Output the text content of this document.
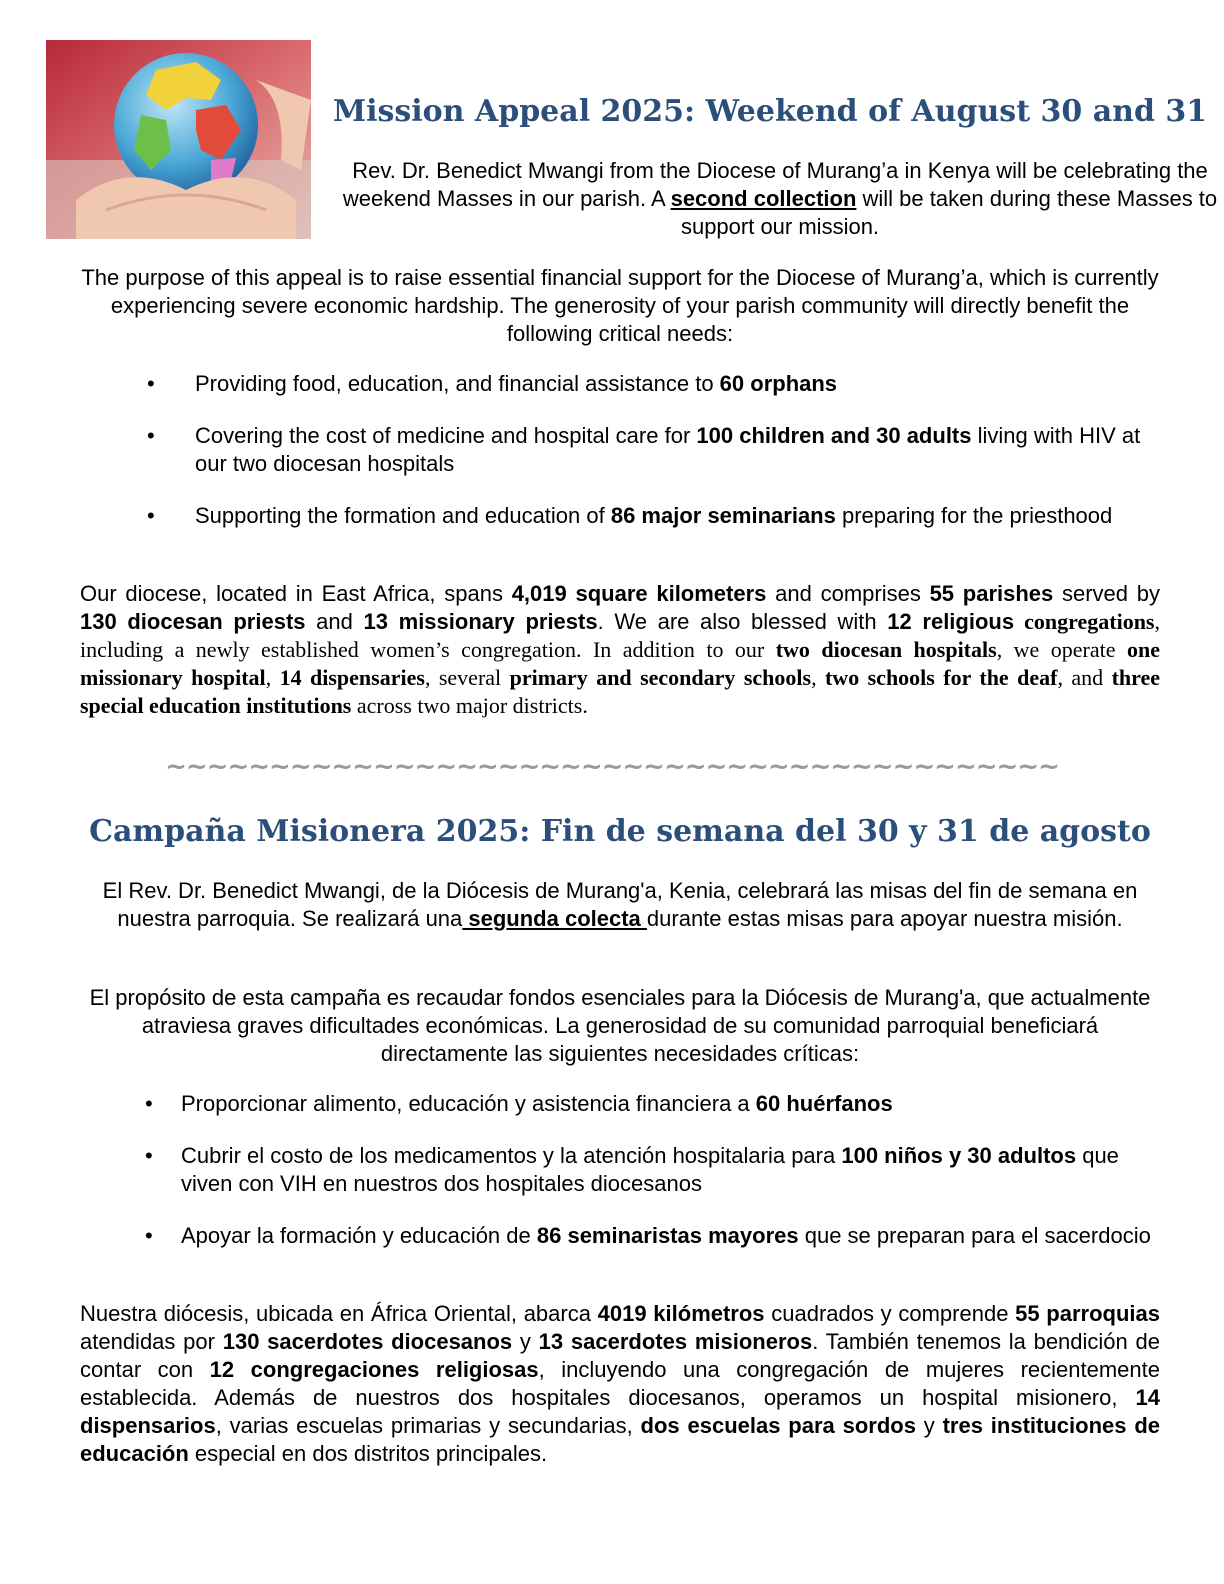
Mission Appeal 2025: Weekend of August 30 and 31

Rev. Dr. Benedict Mwangi from the Diocese of Murang’a in Kenya will be celebrating the weekend Masses in our parish. A second collection will be taken during these Masses to support our mission.

The purpose of this appeal is to raise essential financial support for the Diocese of Murang’a, which is currently experiencing severe economic hardship. The generosity of your parish community will directly benefit the following critical needs:

• Providing food, education, and financial assistance to 60 orphans
• Covering the cost of medicine and hospital care for 100 children and 30 adults living with HIV at our two diocesan hospitals
• Supporting the formation and education of 86 major seminarians preparing for the priesthood

Our diocese, located in East Africa, spans 4,019 square kilometers and comprises 55 parishes served by 130 diocesan priests and 13 missionary priests. We are also blessed with 12 religious congregations, including a newly established women’s congregation. In addition to our two diocesan hospitals, we operate one missionary hospital, 14 dispensaries, several primary and secondary schools, two schools for the deaf, and three special education institutions across two major districts.

~~~~~~~~~~~~~~~~~~~~~~~~~~~~~~~~~~~~~~~~~~~
Campaña Misionera 2025: Fin de semana del 30 y 31 de agosto

El Rev. Dr. Benedict Mwangi, de la Diócesis de Murang'a, Kenia, celebrará las misas del fin de semana en nuestra parroquia. Se realizará una segunda colecta durante estas misas para apoyar nuestra misión.

El propósito de esta campaña es recaudar fondos esenciales para la Diócesis de Murang'a, que actualmente atraviesa graves dificultades económicas. La generosidad de su comunidad parroquial beneficiará directamente las siguientes necesidades críticas:

• Proporcionar alimento, educación y asistencia financiera a 60 huérfanos
• Cubrir el costo de los medicamentos y la atención hospitalaria para 100 niños y 30 adultos que viven con VIH en nuestros dos hospitales diocesanos
• Apoyar la formación y educación de 86 seminaristas mayores que se preparan para el sacerdocio

Nuestra diócesis, ubicada en África Oriental, abarca 4019 kilómetros cuadrados y comprende 55 parroquias atendidas por 130 sacerdotes diocesanos y 13 sacerdotes misioneros. También tenemos la bendición de contar con 12 congregaciones religiosas, incluyendo una congregación de mujeres recientemente establecida. Además de nuestros dos hospitales diocesanos, operamos un hospital misionero, 14 dispensarios, varias escuelas primarias y secundarias, dos escuelas para sordos y tres instituciones de educación especial en dos distritos principales.
